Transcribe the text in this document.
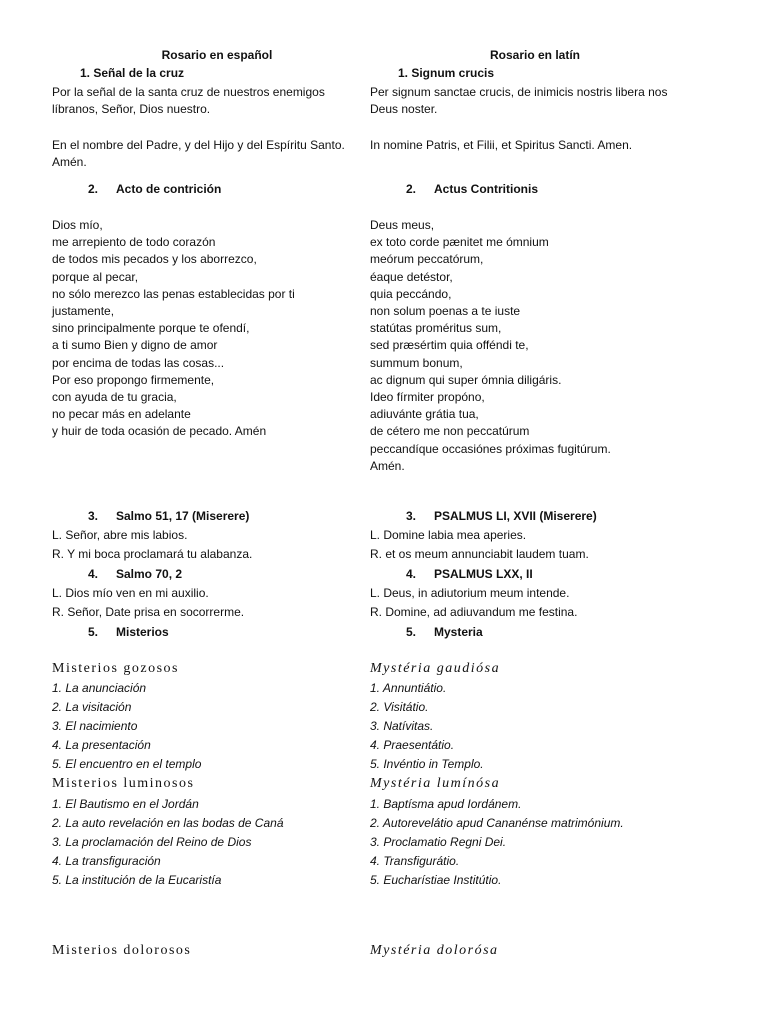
Rosario en español
1. Señal de la cruz
Por la señal de la santa cruz de nuestros enemigos líbranos, Señor, Dios nuestro.
En el nombre del Padre, y del Hijo y del Espíritu Santo. Amén.
2. Acto de contrición
Dios mío,
me arrepiento de todo corazón
de todos mis pecados y los aborrezco,
porque al pecar,
no sólo merezco las penas establecidas por ti
justamente,
sino principalmente porque te ofendí,
a ti sumo Bien y digno de amor
por encima de todas las cosas...
Por eso propongo firmemente,
con ayuda de tu gracia,
no pecar más en adelante
y huir de toda ocasión de pecado. Amén
3. Salmo 51, 17 (Miserere)
L. Señor, abre mis labios.
R. Y mi boca proclamará tu alabanza.
4. Salmo 70, 2
L. Dios mío ven en mi auxilio.
R. Señor, Date prisa en socorrerme.
5. Misterios
Misterios gozosos
1. La anunciación
2. La visitación
3. El nacimiento
4. La presentación
5. El encuentro en el templo
Misterios luminosos
1. El Bautismo en el Jordán
2. La auto revelación en las bodas de Caná
3. La proclamación del Reino de Dios
4. La transfiguración
5. La institución de la Eucaristía
Misterios dolorosos
Rosario en latín
1. Signum crucis
Per signum sanctae crucis, de inimicis nostris libera nos Deus noster.
In nomine Patris, et Filii, et Spiritus Sancti. Amen.
2. Actus Contritionis
Deus meus,
ex toto corde pænitet me ómnium
meórum peccatórum,
éaque detéstor,
quia peccándo,
non solum poenas a te iuste
statútas proméritus sum,
sed præsértim quia offéndi te,
summum bonum,
ac dignum qui super ómnia diligáris.
Ideo fírmiter propóno,
adiuvánte grátia tua,
de cétero me non peccatúrum
peccandíque occasiónes próximas fugitúrum.
Amén.
3. PSALMUS LI, XVII (Miserere)
L. Domine labia mea aperies.
R. et os meum annunciabit laudem tuam.
4. PSALMUS LXX, II
L. Deus, in adiutorium meum intende.
R. Domine, ad adiuvandum me festina.
5. Mysteria
Mystéria gaudiósa
1. Annuntiátio.
2. Visitátio.
3. Natívitas.
4. Praesentátio.
5. Invéntio in Templo.
Mystéria lumínósa
1. Baptísma apud Iordánem.
2. Autorevelátio apud Cananénse matrimónium.
3. Proclamatio Regni Dei.
4. Transfigurátio.
5. Eucharístiae Institútio.
Mystéria dolorósa
